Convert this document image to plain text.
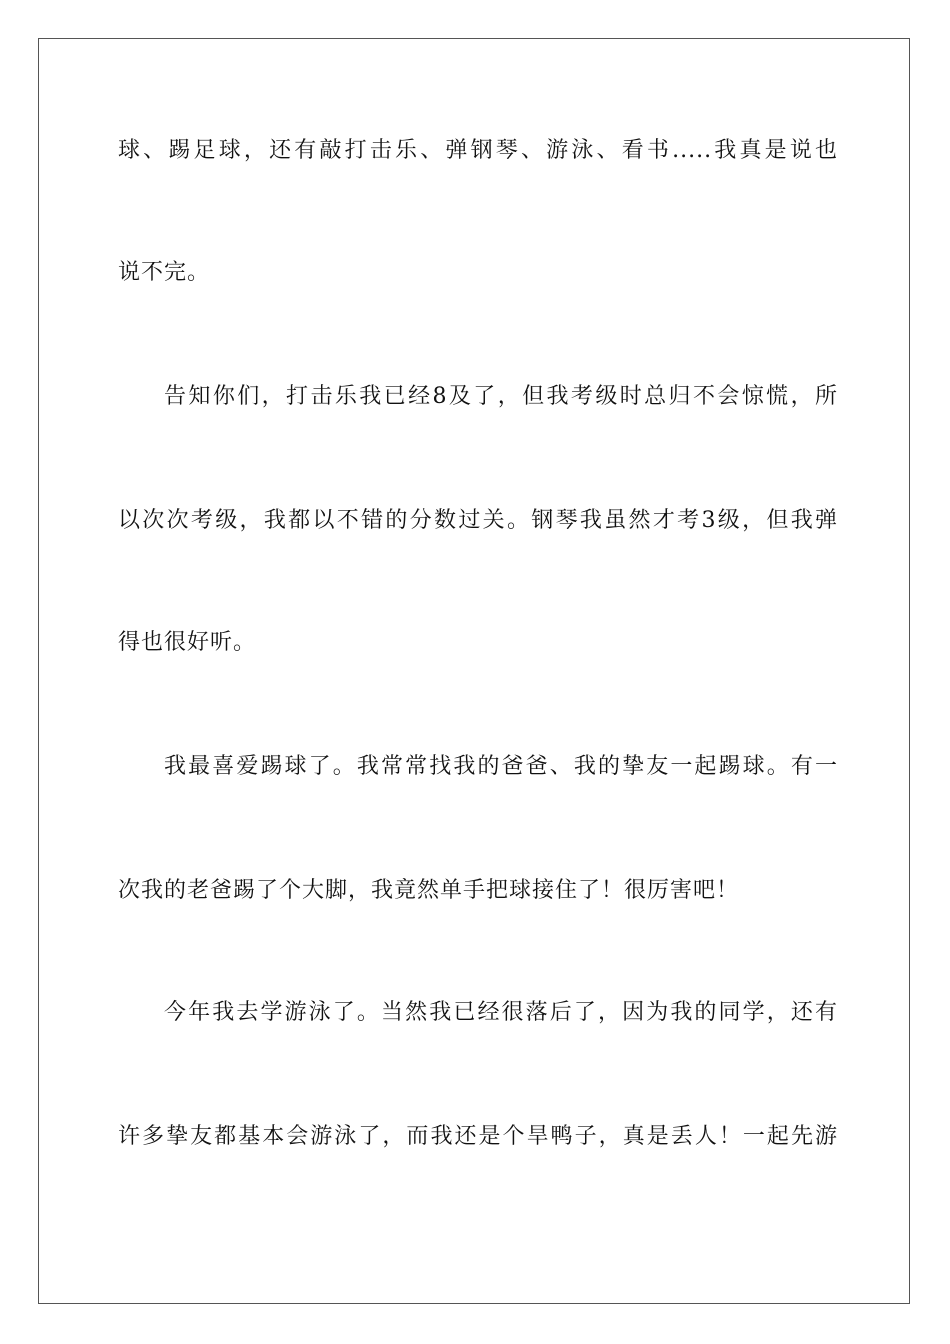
球、踢足球，还有敲打击乐、弹钢琴、游泳、看书.....我真是说也
说不完。
告知你们，打击乐我已经8及了，但我考级时总归不会惊慌，所
以次次考级，我都以不错的分数过关。钢琴我虽然才考3级，但我弹
得也很好听。
我最喜爱踢球了。我常常找我的爸爸、我的挚友一起踢球。有一
次我的老爸踢了个大脚，我竟然单手把球接住了！很厉害吧！
今年我去学游泳了。当然我已经很落后了，因为我的同学，还有
许多挚友都基本会游泳了，而我还是个旱鸭子，真是丢人！一起先游
